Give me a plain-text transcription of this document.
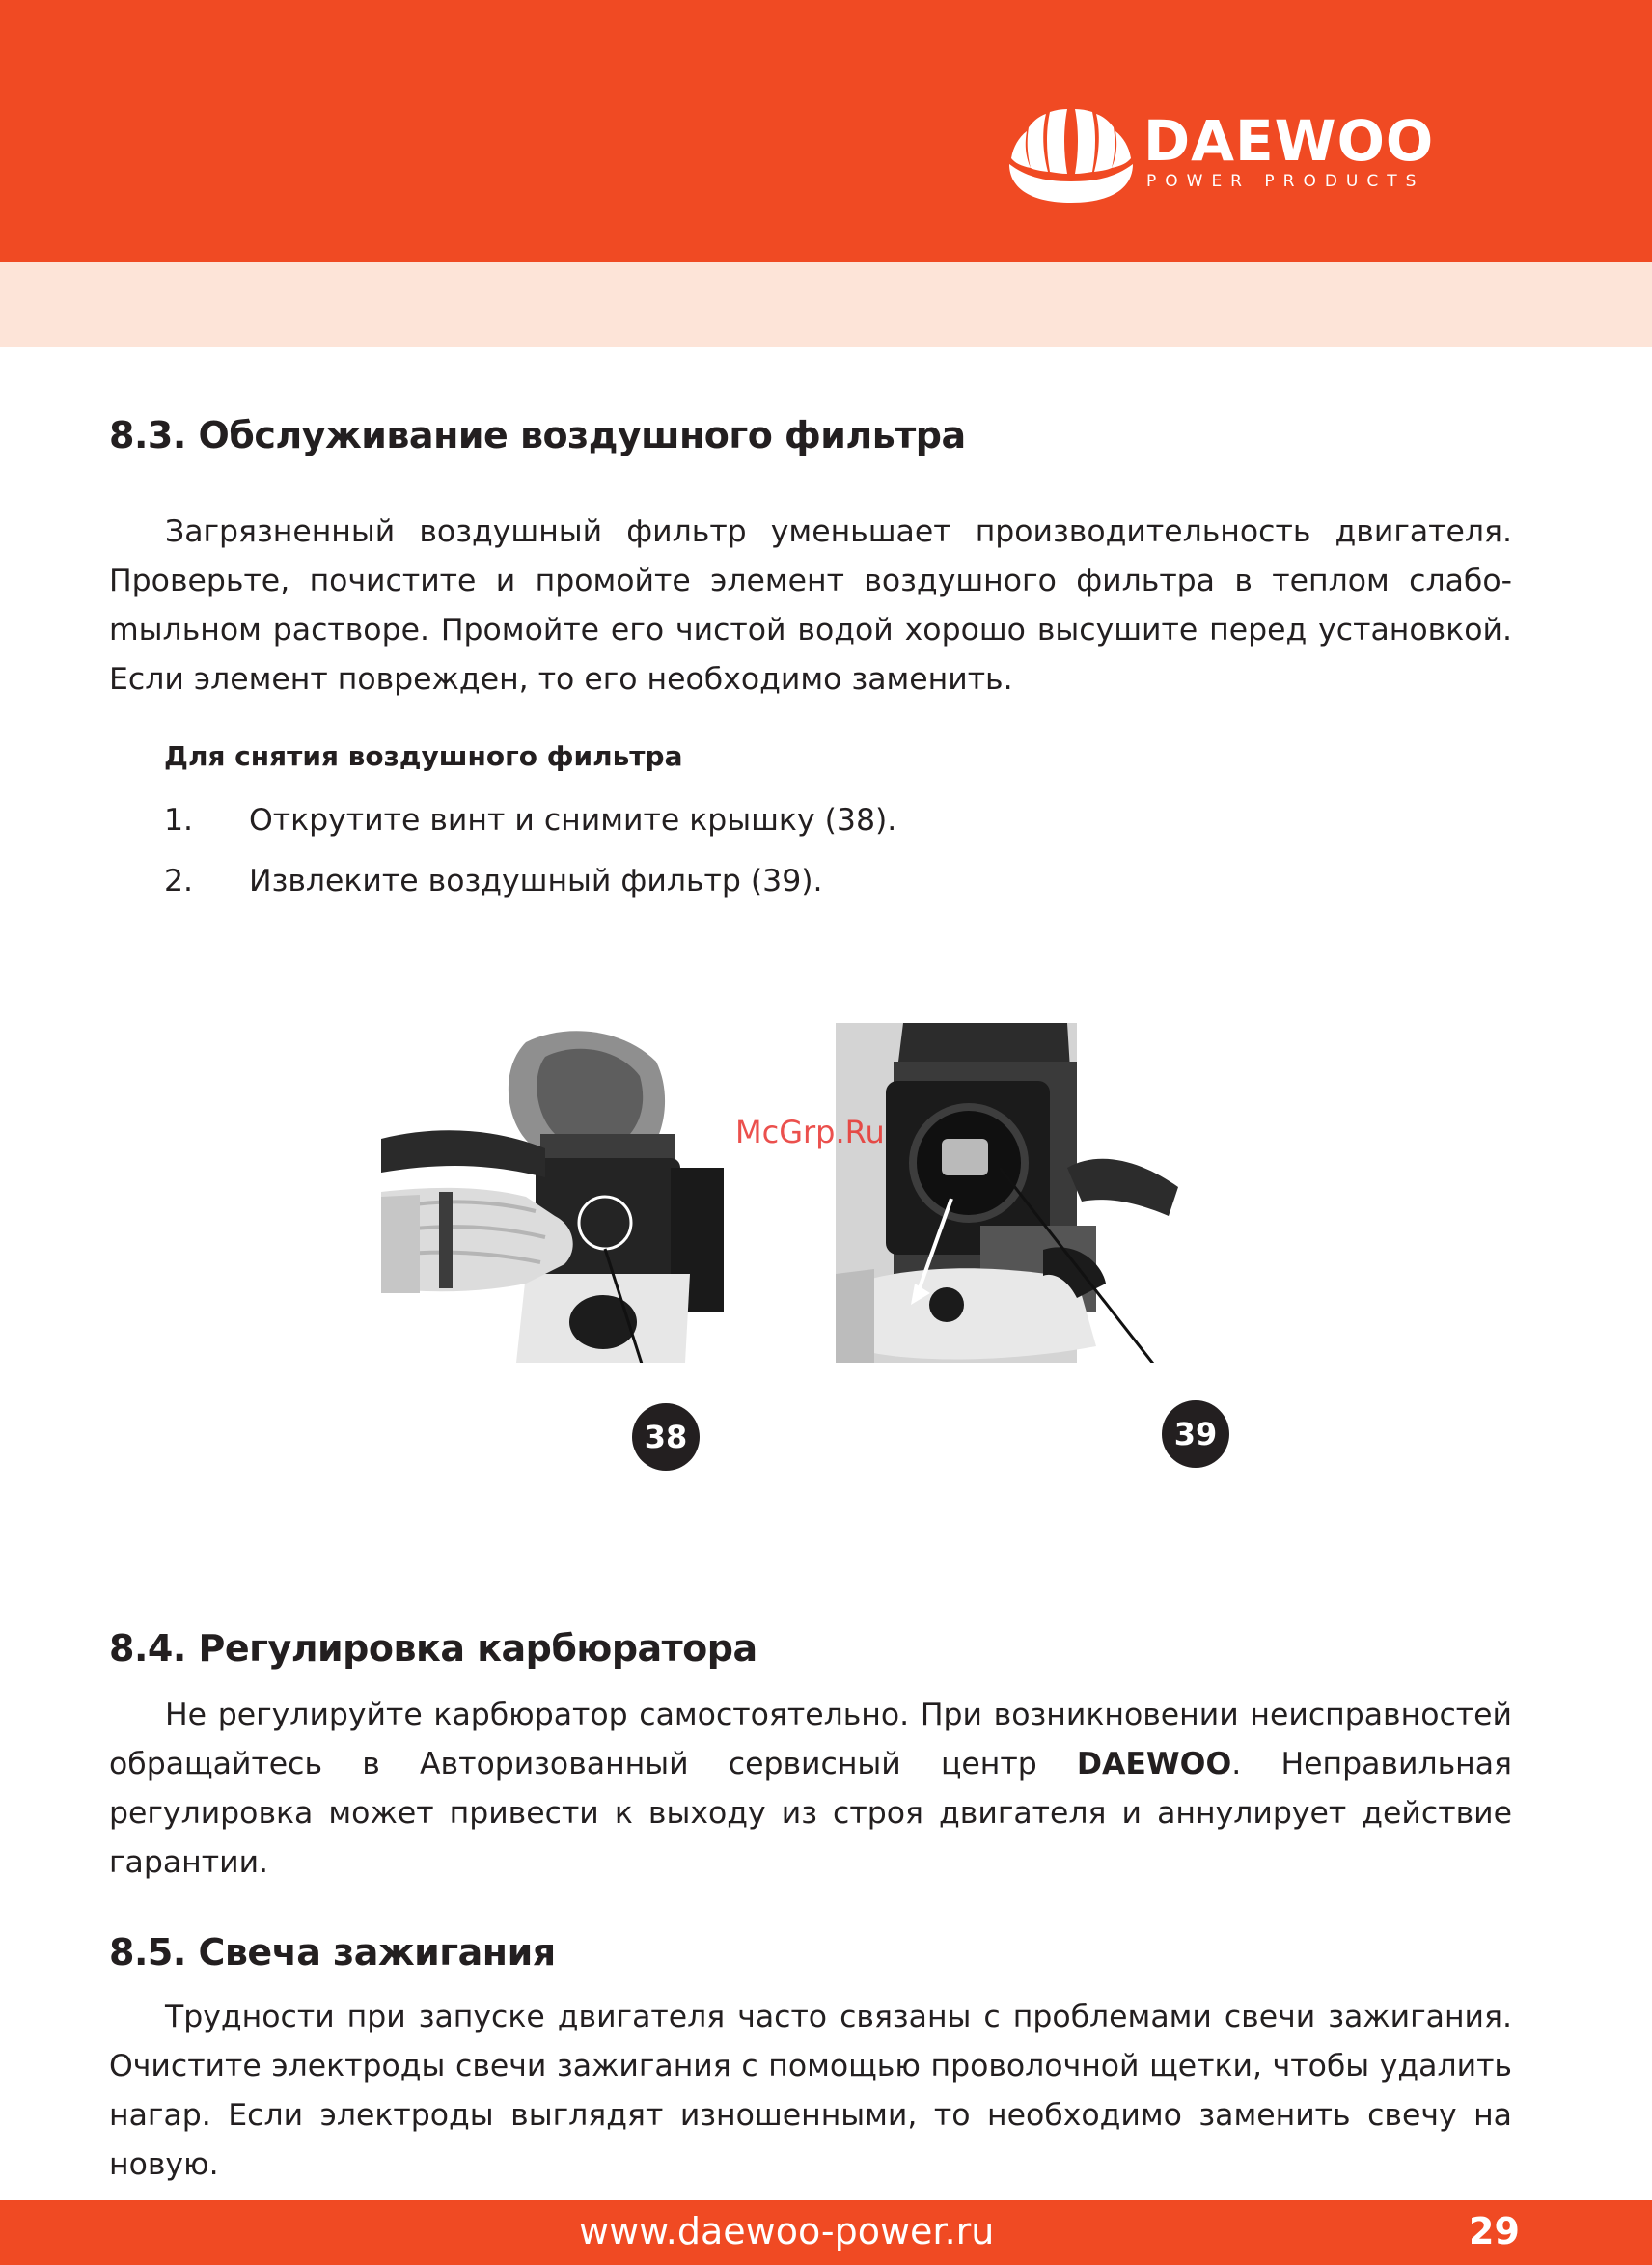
DAEWOO
POWER PRODUCTS
8.3. Обслуживание воздушного фильтра

Загрязненный воздушный фильтр уменьшает производительность двигателя. Проверьте, почистите и промойте элемент воздушного фильтра в теплом слабоmыльном растворе. Промойте его чистой водой хорошо высушите перед установкой. Если элемент поврежден, то его необходимо заменить.

Для снятия воздушного фильтра
1. Открутите винт и снимите крышку (38).
2. Извлеките воздушный фильтр (39).
38	39
McGrp.Ru
8.4. Регулировка карбюратора

Не регулируйте карбюратор самостоятельно. При возникновении неисправностей обращайтесь в Авторизованный сервисный центр DAEWOO. Неправильная регулировка может привести к выходу из строя двигателя и аннулирует действие гарантии.

8.5. Свеча зажигания

Трудности при запуске двигателя часто связаны с проблемами свечи зажигания. Очистите электроды свечи зажигания с помощью проволочной щетки, чтобы удалить нагар. Если электроды выглядят изношенными, то необходимо заменить свечу на новую.

www.daewoo-power.ru	29
